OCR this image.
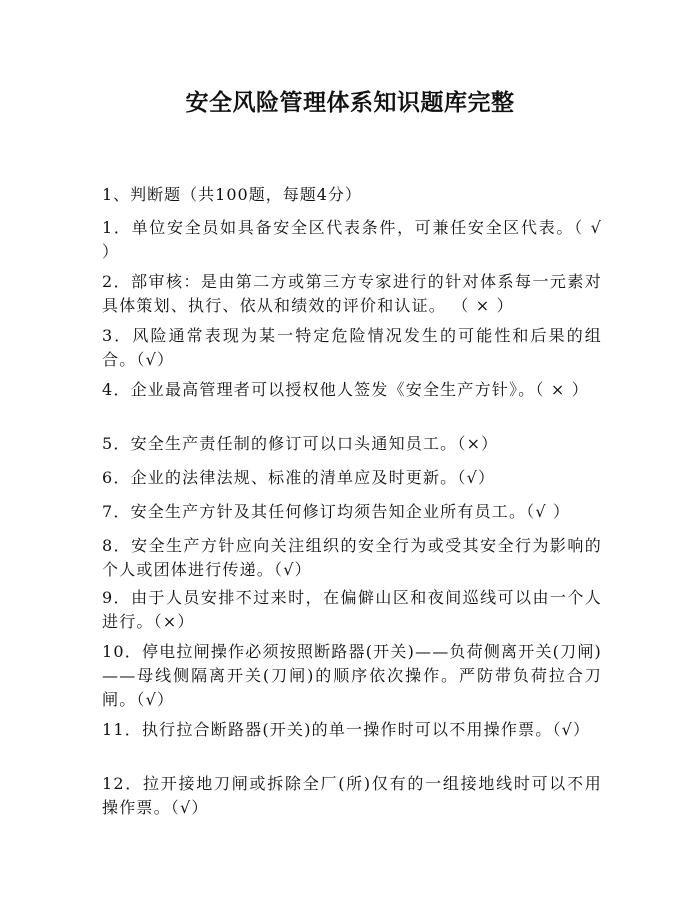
安全风险管理体系知识题库完整
1、判断题（共100题，每题4分）
1．单位安全员如具备安全区代表条件，可兼任安全区代表。（ √ ）
2．部审核：是由第二方或第三方专家进行的针对体系每一元素对具体策划、执行、依从和绩效的评价和认证。 （ × ）
3．风险通常表现为某一特定危险情况发生的可能性和后果的组合。（√）
4．企业最高管理者可以授权他人签发《安全生产方针》。（ × ）
5．安全生产责任制的修订可以口头通知员工。（×）
6．企业的法律法规、标准的清单应及时更新。（√）
7．安全生产方针及其任何修订均须告知企业所有员工。（√ ）
8．安全生产方针应向关注组织的安全行为或受其安全行为影响的个人或团体进行传递。（√）
9．由于人员安排不过来时，在偏僻山区和夜间巡线可以由一个人进行。（×）
10．停电拉闸操作必须按照断路器(开关)——负荷侧离开关(刀闸)——母线侧隔离开关(刀闸)的顺序依次操作。严防带负荷拉合刀闸。（√）
11．执行拉合断路器(开关)的单一操作时可以不用操作票。（√）
12．拉开接地刀闸或拆除全厂(所)仅有的一组接地线时可以不用操作票。（√）
